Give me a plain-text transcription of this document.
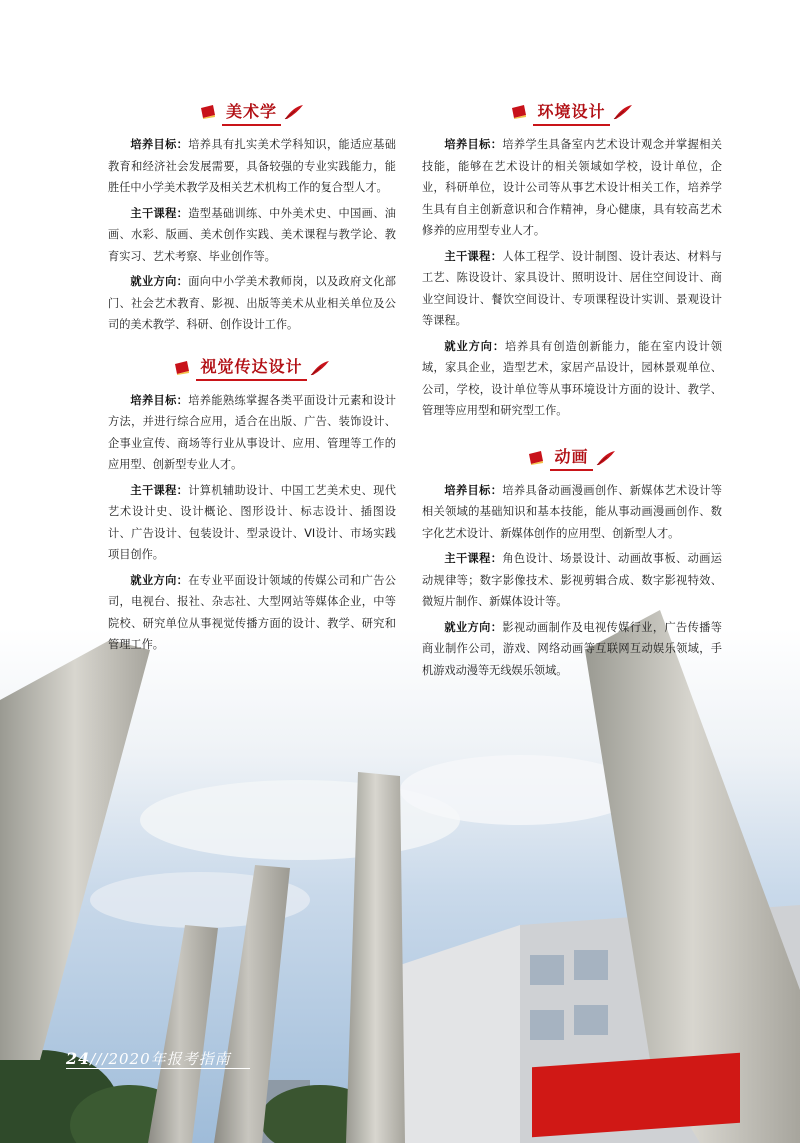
美术学

培养目标：培养具有扎实美术学科知识，能适应基础教育和经济社会发展需要，具备较强的专业实践能力，能胜任中小学美术教学及相关艺术机构工作的复合型人才。

主干课程：造型基础训练、中外美术史、中国画、油画、水彩、版画、美术创作实践、美术课程与教学论、教育实习、艺术考察、毕业创作等。

就业方向：面向中小学美术教师岗，以及政府文化部门、社会艺术教育、影视、出版等美术从业相关单位及公司的美术教学、科研、创作设计工作。

视觉传达设计

培养目标：培养能熟练掌握各类平面设计元素和设计方法，并进行综合应用，适合在出版、广告、装饰设计、企事业宣传、商场等行业从事设计、应用、管理等工作的应用型、创新型专业人才。

主干课程：计算机辅助设计、中国工艺美术史、现代艺术设计史、设计概论、图形设计、标志设计、插图设计、广告设计、包装设计、型录设计、VI设计、市场实践项目创作。

就业方向：在专业平面设计领域的传媒公司和广告公司，电视台、报社、杂志社、大型网站等媒体企业，中等院校、研究单位从事视觉传播方面的设计、教学、研究和管理工作。

环境设计

培养目标：培养学生具备室内艺术设计观念并掌握相关技能，能够在艺术设计的相关领域如学校，设计单位，企业，科研单位，设计公司等从事艺术设计相关工作，培养学生具有自主创新意识和合作精神，身心健康，具有较高艺术修养的应用型专业人才。

主干课程：人体工程学、设计制图、设计表达、材料与工艺、陈设设计、家具设计、照明设计、居住空间设计、商业空间设计、餐饮空间设计、专项课程设计实训、景观设计等课程。

就业方向：培养具有创造创新能力，能在室内设计领域，家具企业，造型艺术，家居产品设计，园林景观单位、公司，学校，设计单位等从事环境设计方面的设计、教学、管理等应用型和研究型工作。

动画

培养目标：培养具备动画漫画创作、新媒体艺术设计等相关领域的基础知识和基本技能，能从事动画漫画创作、数字化艺术设计、新媒体创作的应用型、创新型人才。

主干课程：角色设计、场景设计、动画故事板、动画运动规律等；数字影像技术、影视剪辑合成、数字影视特效、微短片制作、新媒体设计等。

就业方向：影视动画制作及电视传媒行业，广告传播等商业制作公司，游戏、网络动画等互联网互动娱乐领域，手机游戏动漫等无线娱乐领域。

24///2020年报考指南
